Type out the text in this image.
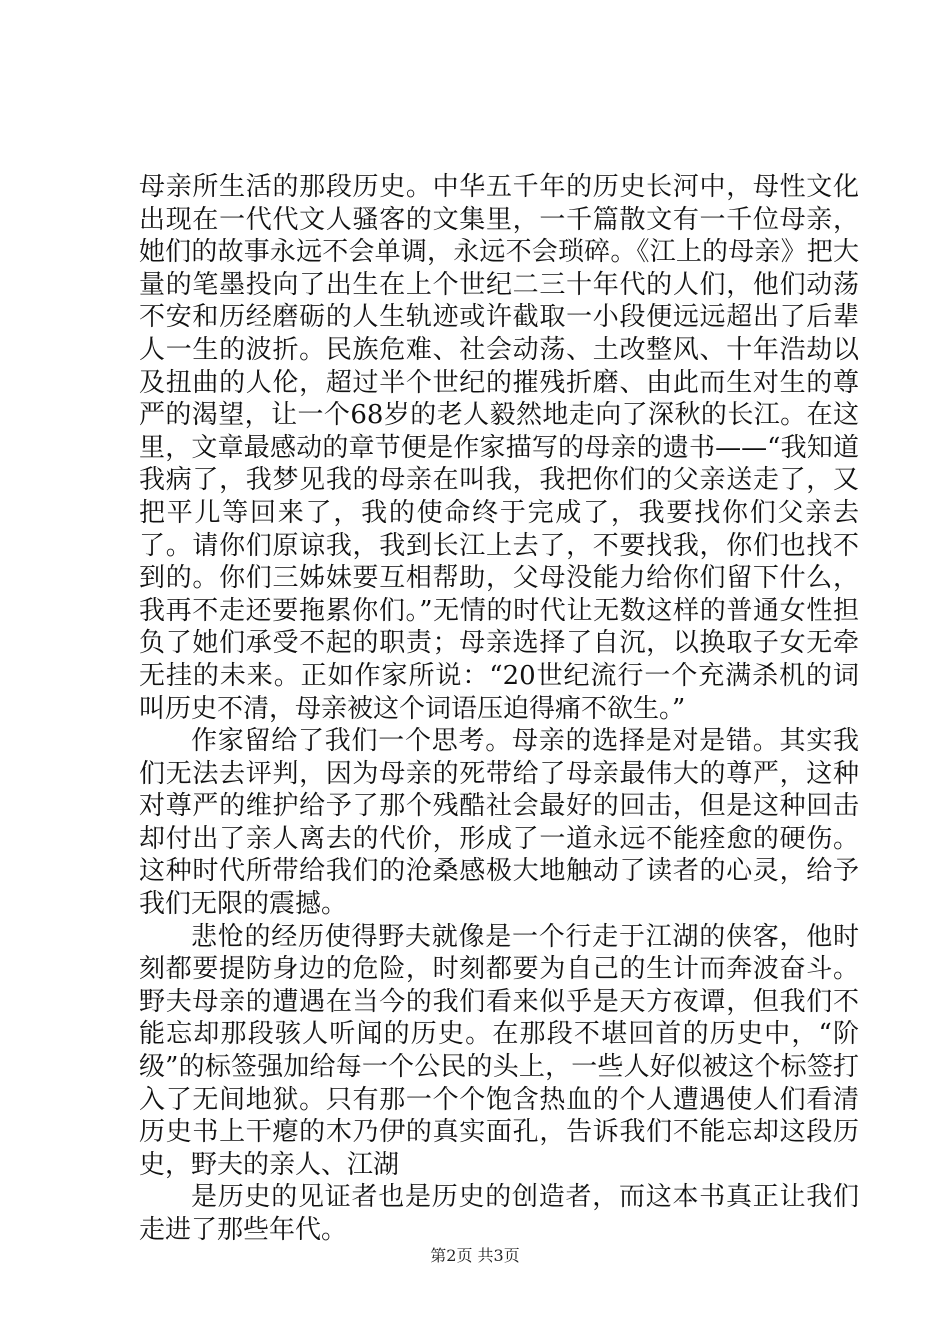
母亲所生活的那段历史。中华五千年的历史长河中，母性文化出现在一代代文人骚客的文集里，一千篇散文有一千位母亲，她们的故事永远不会单调，永远不会琐碎。《江上的母亲》把大量的笔墨投向了出生在上个世纪二三十年代的人们，他们动荡不安和历经磨砺的人生轨迹或许截取一小段便远远超出了后辈人一生的波折。民族危难、社会动荡、土改整风、十年浩劫以及扭曲的人伦，超过半个世纪的摧残折磨、由此而生对生的尊严的渴望，让一个68岁的老人毅然地走向了深秋的长江。在这里，文章最感动的章节便是作家描写的母亲的遗书——“我知道我病了，我梦见我的母亲在叫我，我把你们的父亲送走了，又把平儿等回来了，我的使命终于完成了，我要找你们父亲去了。请你们原谅我，我到长江上去了，不要找我，你们也找不到的。你们三姊妹要互相帮助，父母没能力给你们留下什么，我再不走还要拖累你们。”无情的时代让无数这样的普通女性担负了她们承受不起的职责；母亲选择了自沉，以换取子女无牵无挂的未来。正如作家所说：“20世纪流行一个充满杀机的词叫历史不清，母亲被这个词语压迫得痛不欲生。”

作家留给了我们一个思考。母亲的选择是对是错。其实我们无法去评判，因为母亲的死带给了母亲最伟大的尊严，这种对尊严的维护给予了那个残酷社会最好的回击，但是这种回击却付出了亲人离去的代价，形成了一道永远不能痊愈的硬伤。这种时代所带给我们的沧桑感极大地触动了读者的心灵，给予我们无限的震撼。

悲怆的经历使得野夫就像是一个行走于江湖的侠客，他时刻都要提防身边的危险，时刻都要为自己的生计而奔波奋斗。野夫母亲的遭遇在当今的我们看来似乎是天方夜谭，但我们不能忘却那段骇人听闻的历史。在那段不堪回首的历史中，“阶级”的标签强加给每一个公民的头上，一些人好似被这个标签打入了无间地狱。只有那一个个饱含热血的个人遭遇使人们看清历史书上干瘪的木乃伊的真实面孔，告诉我们不能忘却这段历史，野夫的亲人、江湖

是历史的见证者也是历史的创造者，而这本书真正让我们走进了那些年代。

第2页 共3页
